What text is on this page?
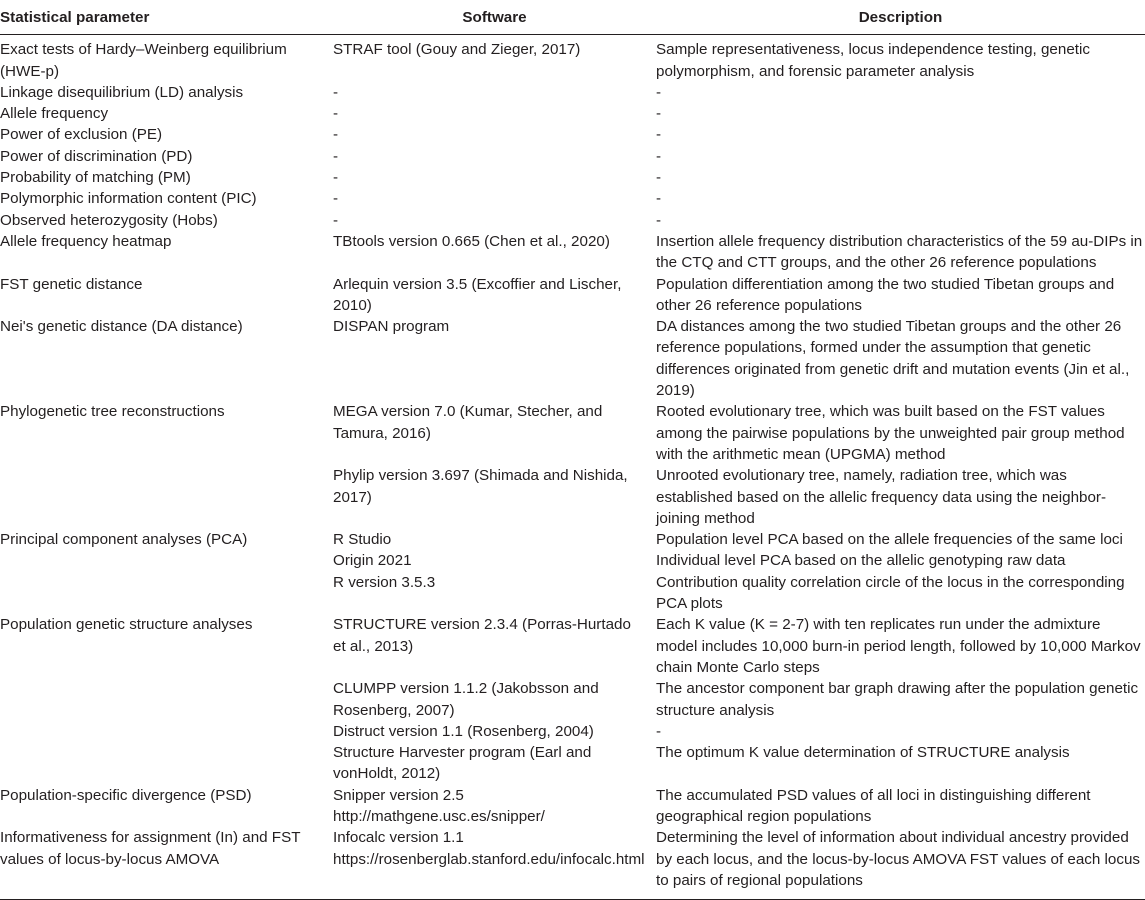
Statistical parameter	Software	Description
Exact tests of Hardy–Weinberg equilibrium (HWE-p)	STRAF tool (Gouy and Zieger, 2017)	Sample representativeness, locus independence testing, genetic polymorphism, and forensic parameter analysis
Linkage disequilibrium (LD) analysis	-	-
Allele frequency	-	-
Power of exclusion (PE)	-	-
Power of discrimination (PD)	-	-
Probability of matching (PM)	-	-
Polymorphic information content (PIC)	-	-
Observed heterozygosity (Hobs)	-	-
Allele frequency heatmap	TBtools version 0.665 (Chen et al., 2020)	Insertion allele frequency distribution characteristics of the 59 au-DIPs in the CTQ and CTT groups, and the other 26 reference populations
FST genetic distance	Arlequin version 3.5 (Excoffier and Lischer, 2010)	Population differentiation among the two studied Tibetan groups and other 26 reference populations
Nei's genetic distance (DA distance)	DISPAN program	DA distances among the two studied Tibetan groups and the other 26 reference populations, formed under the assumption that genetic differences originated from genetic drift and mutation events (Jin et al., 2019)
Phylogenetic tree reconstructions	MEGA version 7.0 (Kumar, Stecher, and Tamura, 2016)	Rooted evolutionary tree, which was built based on the FST values among the pairwise populations by the unweighted pair group method with the arithmetic mean (UPGMA) method
	Phylip version 3.697 (Shimada and Nishida, 2017)	Unrooted evolutionary tree, namely, radiation tree, which was established based on the allelic frequency data using the neighbor-joining method
Principal component analyses (PCA)	R Studio	Population level PCA based on the allele frequencies of the same loci
	Origin 2021	Individual level PCA based on the allelic genotyping raw data
	R version 3.5.3	Contribution quality correlation circle of the locus in the corresponding PCA plots
Population genetic structure analyses	STRUCTURE version 2.3.4 (Porras-Hurtado et al., 2013)	Each K value (K = 2-7) with ten replicates run under the admixture model includes 10,000 burn-in period length, followed by 10,000 Markov chain Monte Carlo steps
	CLUMPP version 1.1.2 (Jakobsson and Rosenberg, 2007)	The ancestor component bar graph drawing after the population genetic structure analysis
	Distruct version 1.1 (Rosenberg, 2004)	-
	Structure Harvester program (Earl and vonHoldt, 2012)	The optimum K value determination of STRUCTURE analysis
Population-specific divergence (PSD)	Snipper version 2.5 http://mathgene.usc.es/snipper/	The accumulated PSD values of all loci in distinguishing different geographical region populations
Informativeness for assignment (In) and FST values of locus-by-locus AMOVA	Infocalc version 1.1 https://rosenberglab.stanford.edu/infocalc.html	Determining the level of information about individual ancestry provided by each locus, and the locus-by-locus AMOVA FST values of each locus to pairs of regional populations
